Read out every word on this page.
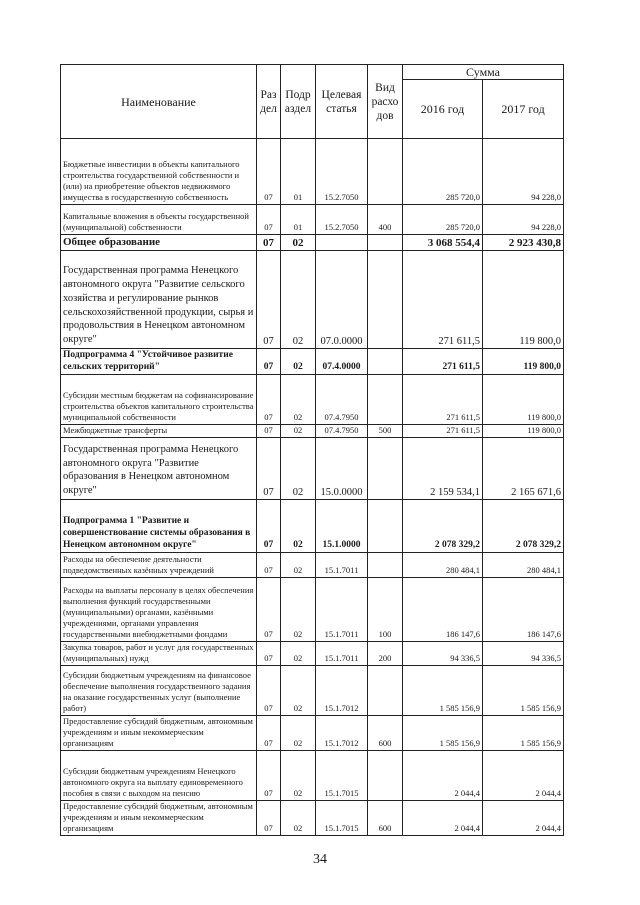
Наименование	Раз дел	Подр аздел	Целевая статья	Вид расхо дов	Сумма	
					2016 год	2017 год
Бюджетные инвестиции в объекты капитального строительства государственной собственности и (или) на приобретение объектов недвижимого имущества в государственную собственность	07	01	15.2.7050		285 720,0	94 228,0
Капитальные вложения в объекты государственной (муниципальной) собственности	07	01	15.2.7050	400	285 720,0	94 228,0
Общее образование	07	02			3 068 554,4	2 923 430,8
Государственная программа Ненецкого автономного округа "Развитие сельского хозяйства и регулирование рынков сельскохозяйственной продукции, сырья и продовольствия в Ненецком автономном округе"	07	02	07.0.0000		271 611,5	119 800,0
Подпрограмма 4 "Устойчивое развитие сельских территорий"	07	02	07.4.0000		271 611,5	119 800,0
Субсидии местным бюджетам на софинансирование строительства объектов капитального строительства муниципальной собственности	07	02	07.4.7950		271 611,5	119 800,0
Межбюджетные трансферты	07	02	07.4.7950	500	271 611,5	119 800,0
Государственная программа Ненецкого автономного округа "Развитие образования в Ненецком автономном округе"	07	02	15.0.0000		2 159 534,1	2 165 671,6
Подпрограмма 1 "Развитие и совершенствование системы образования в Ненецком автономном округе"	07	02	15.1.0000		2 078 329,2	2 078 329,2
Расходы на обеспечение деятельности подведомственных казённых учреждений	07	02	15.1.7011		280 484,1	280 484,1
Расходы на выплаты персоналу в целях обеспечения выполнения функций государственными (муниципальными) органами, казёнными учреждениями, органами управления государственными внебюджетными фондами	07	02	15.1.7011	100	186 147,6	186 147,6
Закупка товаров, работ и услуг для государственных (муниципальных) нужд	07	02	15.1.7011	200	94 336,5	94 336,5
Субсидии бюджетным учреждениям на финансовое обеспечение выполнения государственного задания на оказание государственных услуг (выполнение работ)	07	02	15.1.7012		1 585 156,9	1 585 156,9
Предоставление субсидий бюджетным, автономным учреждениям и иным некоммерческим организациям	07	02	15.1.7012	600	1 585 156,9	1 585 156,9
Субсидии бюджетным учреждениям Ненецкого автономного округа на выплату единовременного пособия в связи с выходом на пенсию	07	02	15.1.7015		2 044,4	2 044,4
Предоставление субсидий бюджетным, автономным учреждениям и иным некоммерческим организациям	07	02	15.1.7015	600	2 044,4	2 044,4
34
